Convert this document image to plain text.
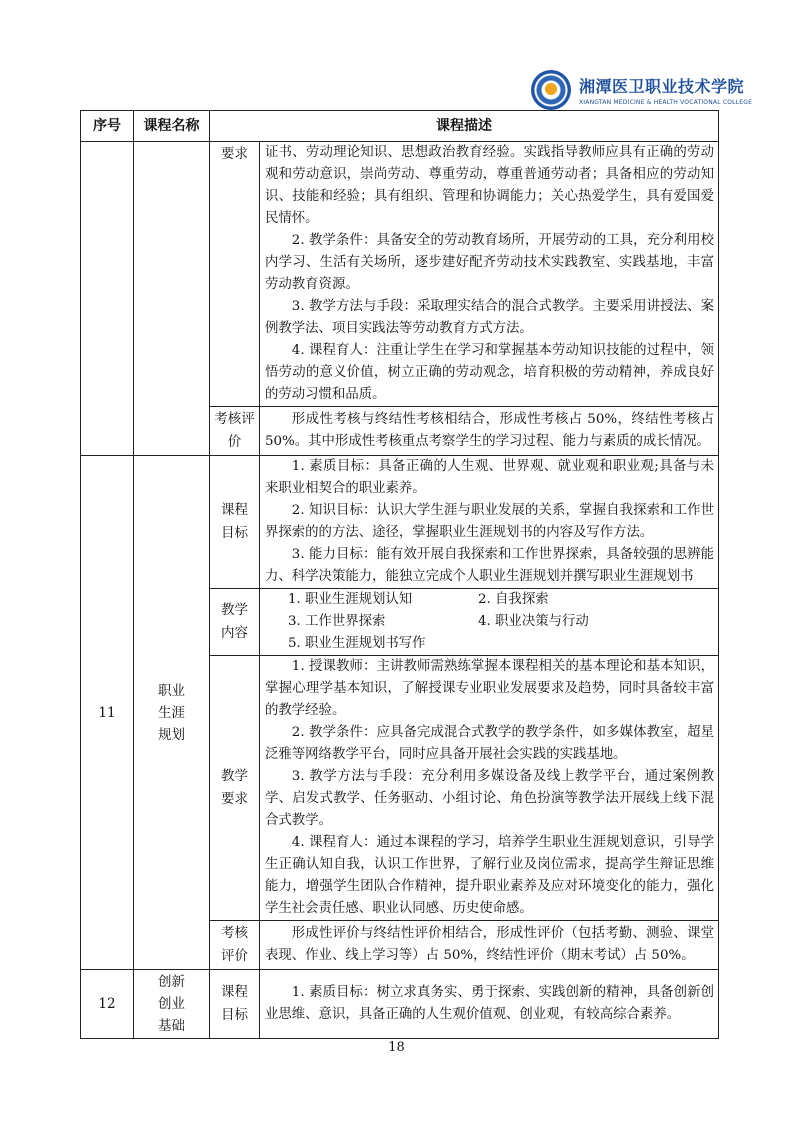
湘潭医卫职业技术学院
XIANGTAN MEDICINE & HEALTH VOCATIONAL COLLEGE
序号	课程名称	课程描述	
		要求	证书、劳动理论知识、思想政治教育经验。实践指导教师应具有正确的劳动观和劳动意识，崇尚劳动、尊重劳动，尊重普通劳动者；具备相应的劳动知识、技能和经验；具有组织、管理和协调能力；关心热爱学生，具有爱国爱民情怀。

2. 教学条件：具备安全的劳动教育场所，开展劳动的工具，充分利用校内学习、生活有关场所，逐步建好配齐劳动技术实践教室、实践基地，丰富劳动教育资源。

3. 教学方法与手段：采取理实结合的混合式教学。主要采用讲授法、案例教学法、项目实践法等劳动教育方式方法。

4. 课程育人：注重让学生在学习和掌握基本劳动知识技能的过程中，领悟劳动的意义价值，树立正确的劳动观念，培育积极的劳动精神，养成良好的劳动习惯和品质。

		考核评价	形成性考核与终结性考核相结合，形成性考核占 50%，终结性考核占 50%。其中形成性考核重点考察学生的学习过程、能力与素质的成长情况。

11	职业生涯规划	课程目标	1. 素质目标：具备正确的人生观、世界观、就业观和职业观;具备与未来职业相契合的职业素养。

2. 知识目标：认识大学生涯与职业发展的关系，掌握自我探索和工作世界探索的的方法、途径，掌握职业生涯规划书的内容及写作方法。

3. 能力目标：能有效开展自我探索和工作世界探索，具备较强的思辨能力、科学决策能力，能独立完成个人职业生涯规划并撰写职业生涯规划书

		教学内容	1. 职业生涯规划认知 2. 自我探索
3. 工作世界探索 4. 职业决策与行动
5. 职业生涯规划书写作

		教学要求	1. 授课教师：主讲教师需熟练掌握本课程相关的基本理论和基本知识，掌握心理学基本知识，了解授课专业职业发展要求及趋势，同时具备较丰富的教学经验。

2. 教学条件：应具备完成混合式教学的教学条件，如多媒体教室，超星泛雅等网络教学平台，同时应具备开展社会实践的实践基地。

3. 教学方法与手段：充分利用多媒设备及线上教学平台，通过案例教学、启发式教学、任务驱动、小组讨论、角色扮演等教学法开展线上线下混合式教学。

4. 课程育人：通过本课程的学习，培养学生职业生涯规划意识，引导学生正确认知自我，认识工作世界，了解行业及岗位需求，提高学生辩证思维能力，增强学生团队合作精神，提升职业素养及应对环境变化的能力，强化学生社会责任感、职业认同感、历史使命感。

		考核评价	形成性评价与终结性评价相结合，形成性评价（包括考勤、测验、课堂表现、作业、线上学习等）占 50%，终结性评价（期末考试）占 50%。

12	创新创业基础	课程目标	1. 素质目标：树立求真务实、勇于探索、实践创新的精神，具备创新创业思维、意识，具备正确的人生观价值观、创业观，有较高综合素养。

18
